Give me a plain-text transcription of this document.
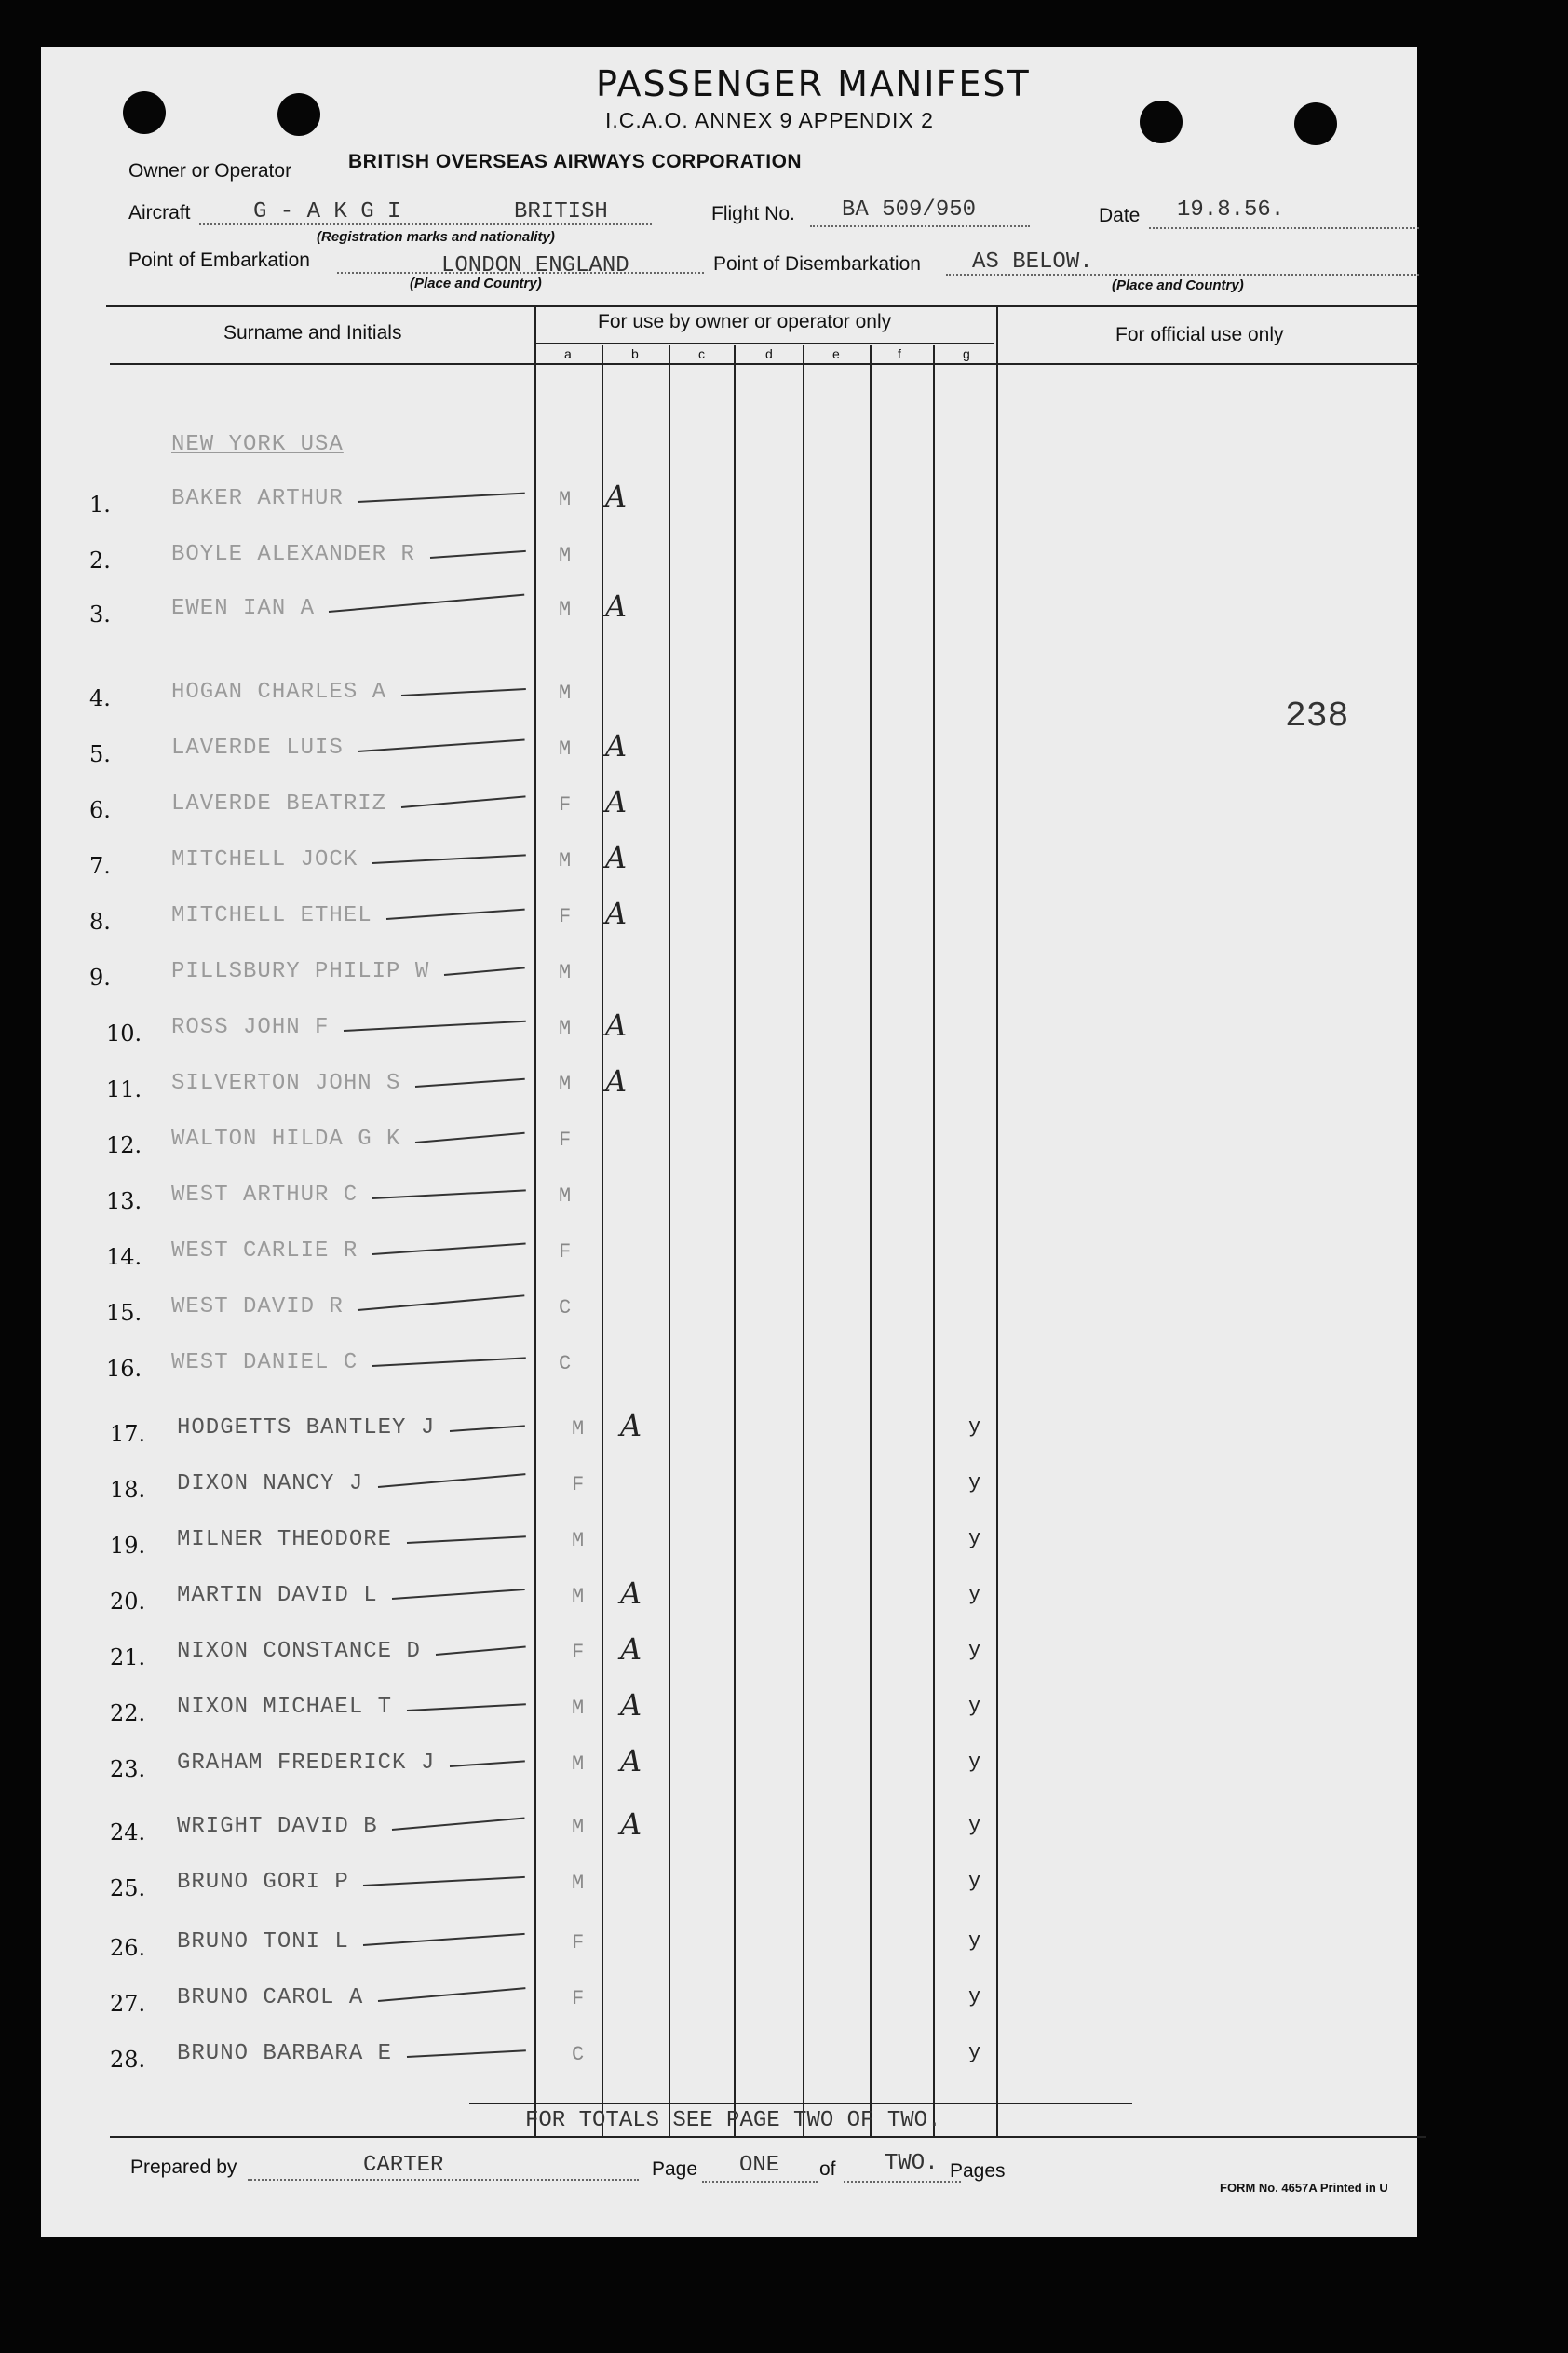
PASSENGER MANIFEST
I.C.A.O. ANNEX 9 APPENDIX 2
Owner or Operator	BRITISH OVERSEAS AIRWAYS CORPORATION
Aircraft	G - A K G I	BRITISH
(Registration marks and nationality)
Flight No. BA 509/950	Date 19.8.56.
Point of Embarkation	LONDON ENGLAND
(Place and Country)
Point of Disembarkation AS BELOW.
(Place and Country)
Surname and Initials
For use by owner or operator only
For official use only
a	b	c	d	e	f	g
NEW YORK USA
238
1.	BAKER ARTHUR	M A
2.	BOYLE ALEXANDER R	M
3.	EWEN IAN A	M A
4.	HOGAN CHARLES A	M
5.	LAVERDE LUIS	M A
6.	LAVERDE BEATRIZ	F A
7.	MITCHELL JOCK	M A
8.	MITCHELL ETHEL	F A
9.	PILLSBURY PHILIP W	M
10. ROSS JOHN F	M A
11. SILVERTON JOHN S	M A
12. WALTON HILDA G K	F
13. WEST ARTHUR C	M
14. WEST CARLIE R	F
15. WEST DAVID R	C
16. WEST DANIEL C	C
17. HODGETTS BANTLEY J	M A	y
18. DIXON NANCY J	F	y
19. MILNER THEODORE	M	y
20. MARTIN DAVID L	M A	y
21. NIXON CONSTANCE D	F A	y
22. NIXON MICHAEL T	M A	y
23. GRAHAM FREDERICK J	M A	y
24. WRIGHT DAVID B	M A	y
25. BRUNO GORI P	M	y
26. BRUNO TONI L	F	y
27. BRUNO CAROL A	F	y
28. BRUNO BARBARA E	C	y
FOR TOTALS SEE PAGE TWO OF TWO.
Prepared by	CARTER	Page ONE of TWO. Pages
FORM No. 4657A Printed in U
